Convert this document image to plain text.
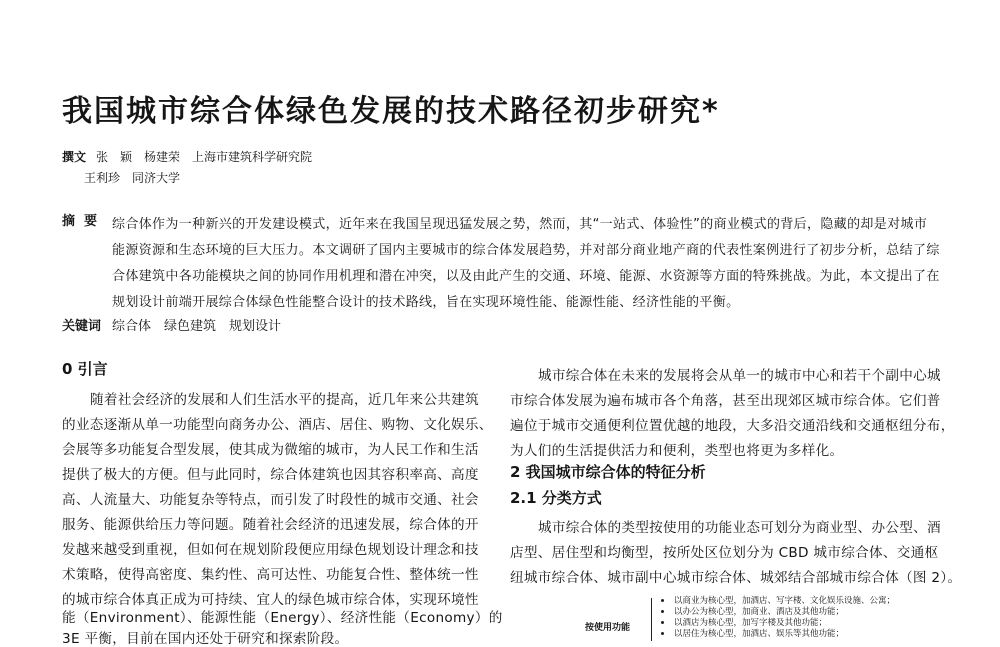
我国城市综合体绿色发展的技术路径初步研究*
撰文 张　颖　杨建荣　上海市建筑科学研究院
王利珍　同济大学
摘要 综合体作为一种新兴的开发建设模式，近年来在我国呈现迅猛发展之势，然而，其“一站式、体验性”的商业模式的背后，隐藏的却是对城市
能源资源和生态环境的巨大压力。本文调研了国内主要城市的综合体发展趋势，并对部分商业地产商的代表性案例进行了初步分析，总结了综
合体建筑中各功能模块之间的协同作用机理和潜在冲突，以及由此产生的交通、环境、能源、水资源等方面的特殊挑战。为此，本文提出了在
规划设计前端开展综合体绿色性能整合设计的技术路线，旨在实现环境性能、能源性能、经济性能的平衡。
关键词 综合体　绿色建筑　规划设计
0 引言
随着社会经济的发展和人们生活水平的提高，近几年来公共建筑
的业态逐渐从单一功能型向商务办公、酒店、居住、购物、文化娱乐、
会展等多功能复合型发展，使其成为微缩的城市，为人民工作和生活
提供了极大的方便。但与此同时，综合体建筑也因其容积率高、高度
高、人流量大、功能复杂等特点，而引发了时段性的城市交通、社会
服务、能源供给压力等问题。随着社会经济的迅速发展，综合体的开
发越来越受到重视，但如何在规划阶段便应用绿色规划设计理念和技
术策略，使得高密度、集约性、高可达性、功能复合性、整体统一性
的城市综合体真正成为可持续、宜人的绿色城市综合体，实现环境性
能（Environment）、能源性能（Energy）、经济性能（Economy）的
3E 平衡，目前在国内还处于研究和探索阶段。
城市综合体在未来的发展将会从单一的城市中心和若干个副中心城
市综合体发展为遍布城市各个角落，甚至出现郊区城市综合体。它们普
遍位于城市交通便利位置优越的地段，大多沿交通沿线和交通枢纽分布，
为人们的生活提供活力和便利，类型也将更为多样化。
2 我国城市综合体的特征分析
2.1 分类方式
城市综合体的类型按使用的功能业态可划分为商业型、办公型、酒
店型、居住型和均衡型，按所处区位划分为 CBD 城市综合体、交通枢
纽城市综合体、城市副中心城市综合体、城郊结合部城市综合体（图 2）。
按使用功能
以商业为核心型，加酒店、写字楼、文化娱乐设施、公寓；
以办公为核心型，加商业、酒店及其他功能；
以酒店为核心型，加写字楼及其他功能；
以居住为核心型，加酒店、娱乐等其他功能；
